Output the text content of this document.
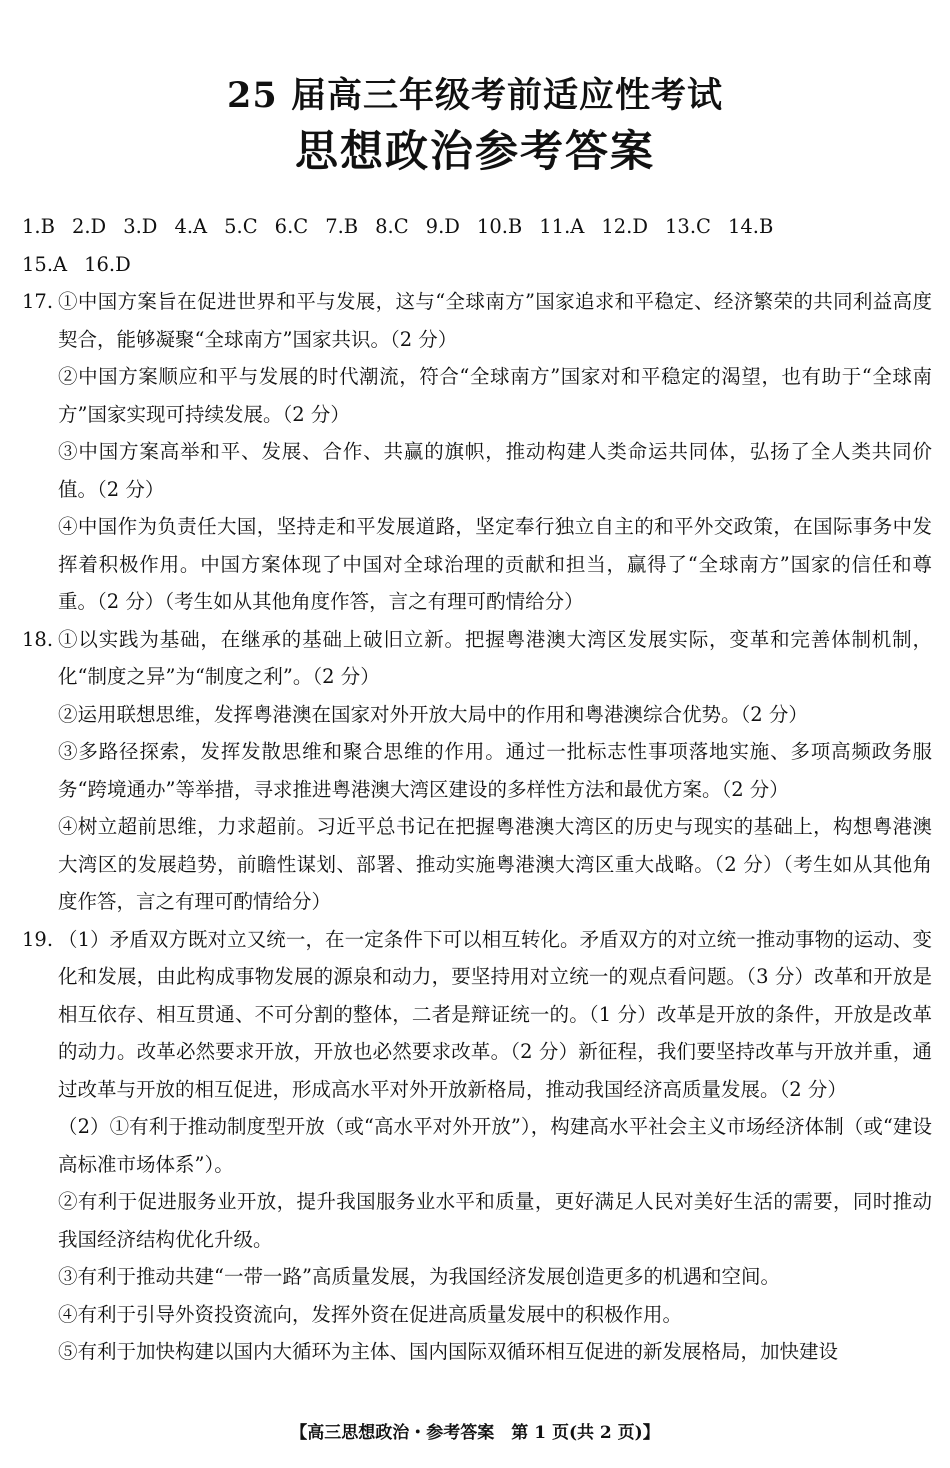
25 届高三年级考前适应性考试
思想政治参考答案
1.B 2.D 3.D 4.A 5.C 6.C 7.B 8.C 9.D 10.B 11.A 12.D 13.C 14.B
15.A 16.D
17. ①中国方案旨在促进世界和平与发展，这与“全球南方”国家追求和平稳定、经济繁荣的共同利益高度契合，能够凝聚“全球南方”国家共识。（2 分）

②中国方案顺应和平与发展的时代潮流，符合“全球南方”国家对和平稳定的渴望，也有助于“全球南方”国家实现可持续发展。（2 分）

③中国方案高举和平、发展、合作、共赢的旗帜，推动构建人类命运共同体，弘扬了全人类共同价值。（2 分）

④中国作为负责任大国，坚持走和平发展道路，坚定奉行独立自主的和平外交政策，在国际事务中发挥着积极作用。中国方案体现了中国对全球治理的贡献和担当，赢得了“全球南方”国家的信任和尊重。（2 分）（考生如从其他角度作答，言之有理可酌情给分）

18. ①以实践为基础，在继承的基础上破旧立新。把握粤港澳大湾区发展实际，变革和完善体制机制，化“制度之异”为“制度之利”。（2 分）

②运用联想思维，发挥粤港澳在国家对外开放大局中的作用和粤港澳综合优势。（2 分）

③多路径探索，发挥发散思维和聚合思维的作用。通过一批标志性事项落地实施、多项高频政务服务“跨境通办”等举措，寻求推进粤港澳大湾区建设的多样性方法和最优方案。（2 分）

④树立超前思维，力求超前。习近平总书记在把握粤港澳大湾区的历史与现实的基础上，构想粤港澳大湾区的发展趋势，前瞻性谋划、部署、推动实施粤港澳大湾区重大战略。（2 分）（考生如从其他角度作答，言之有理可酌情给分）

19. （1）矛盾双方既对立又统一，在一定条件下可以相互转化。矛盾双方的对立统一推动事物的运动、变化和发展，由此构成事物发展的源泉和动力，要坚持用对立统一的观点看问题。（3 分）改革和开放是相互依存、相互贯通、不可分割的整体，二者是辩证统一的。（1 分）改革是开放的条件，开放是改革的动力。改革必然要求开放，开放也必然要求改革。（2 分）新征程，我们要坚持改革与开放并重，通过改革与开放的相互促进，形成高水平对外开放新格局，推动我国经济高质量发展。（2 分）

（2）①有利于推动制度型开放（或“高水平对外开放”），构建高水平社会主义市场经济体制（或“建设高标准市场体系”）。

②有利于促进服务业开放，提升我国服务业水平和质量，更好满足人民对美好生活的需要，同时推动我国经济结构优化升级。

③有利于推动共建“一带一路”高质量发展，为我国经济发展创造更多的机遇和空间。

④有利于引导外资投资流向，发挥外资在促进高质量发展中的积极作用。

⑤有利于加快构建以国内大循环为主体、国内国际双循环相互促进的新发展格局，加快建设

【高三思想政治・参考答案　第 1 页(共 2 页)】
